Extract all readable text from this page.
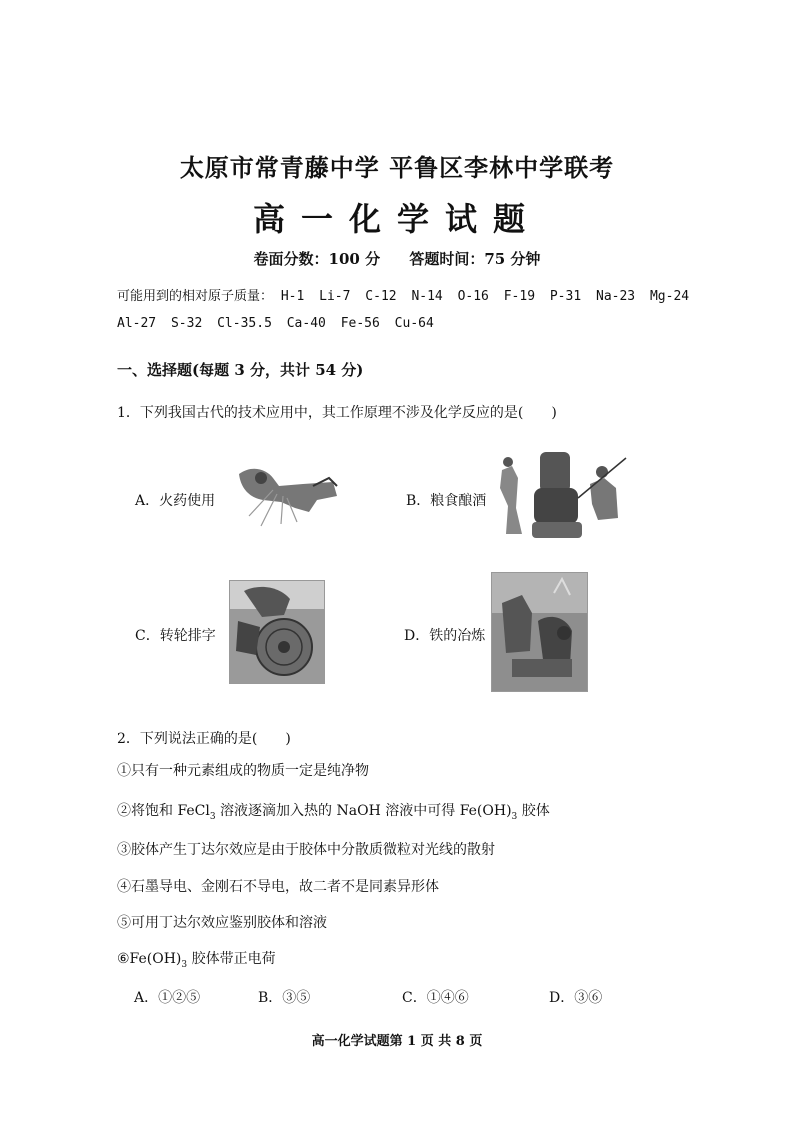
太原市常青藤中学 平鲁区李林中学联考
高一化学试题
卷面分数：100 分 答题时间：75 分钟
可能用到的相对原子质量： H-1 Li-7 C-12 N-14 O-16 F-19 P-31 Na-23 Mg-24
Al-27 S-32 Cl-35.5 Ca-40 Fe-56 Cu-64
一、选择题(每题 3 分，共计 54 分)
1．下列我国古代的技术应用中，其工作原理不涉及化学反应的是(　　)
A．火药使用	B．粮食酿酒
C．转轮排字	D．铁的冶炼
2．下列说法正确的是(　　)
①只有一种元素组成的物质一定是纯净物
②将饱和 FeCl$_3$ 溶液逐滴加入热的 NaOH 溶液中可得 $Fe(OH)_3$ 胶体
③胶体产生丁达尔效应是由于胶体中分散质微粒对光线的散射
④石墨导电、金刚石不导电，故二者不是同素异形体
⑤可用丁达尔效应鉴别胶体和溶液
$⑥Fe(OH)_3$ 胶体带正电荷
A．①②⑤	B．③⑤	C．①④⑥	D．③⑥
高一化学试题第 1 页 共 8 页
